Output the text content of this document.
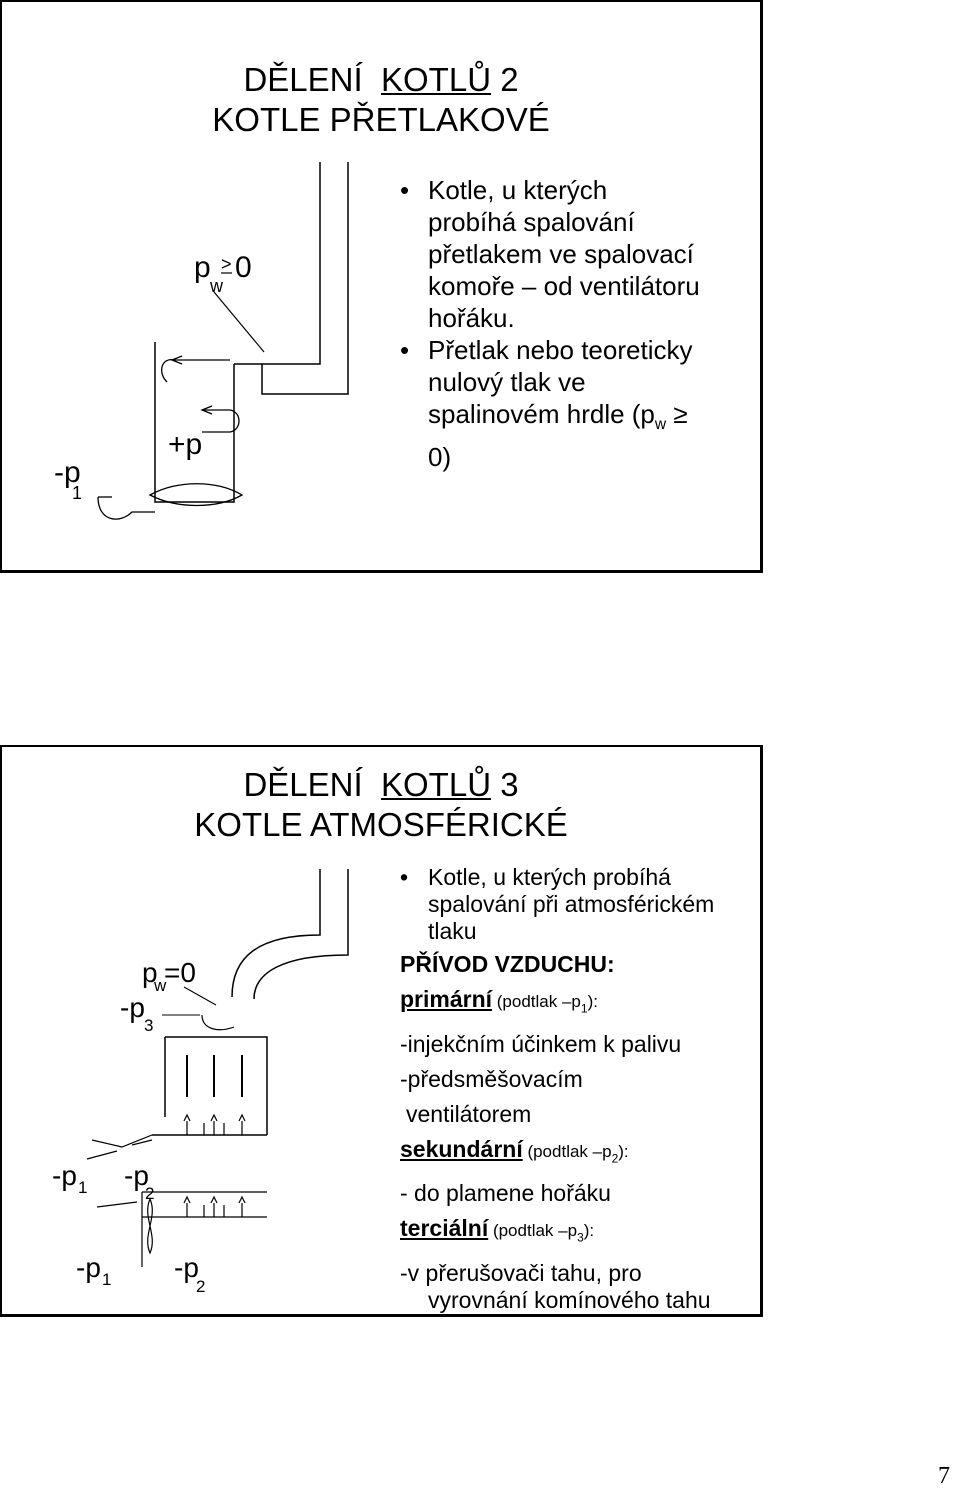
DĚLENÍ KOTLŮ 2
KOTLE PŘETLAKOVÉ
p
w
> 0
+p
-p
1
• Kotle, u kterých probíhá spalování přetlakem ve spalovací komoře – od ventilátoru hořáku.
• Přetlak nebo teoreticky nulový tlak ve spalinovém hrdle $(p_w \ge 0)$
DĚLENÍ KOTLŮ 3
KOTLE ATMOSFÉRICKÉ
p
w
=0
-p
3
-p 1 -p
2
-p 1 -p
2
• • Kotle, u kterých probíhá spalování při atmosférickém tlaku
PŘÍVOD VZDUCHU:
primární (podtlak $-p_1$):
-injekčním účinkem k palivu
-předsměšovacím
ventilátorem
sekundární (podtlak $-p_2$):
- do plamene hořáku
terciální (podtlak $-p_3$):
-v přerušovači tahu, pro
vyrovnání komínového tahu
7
